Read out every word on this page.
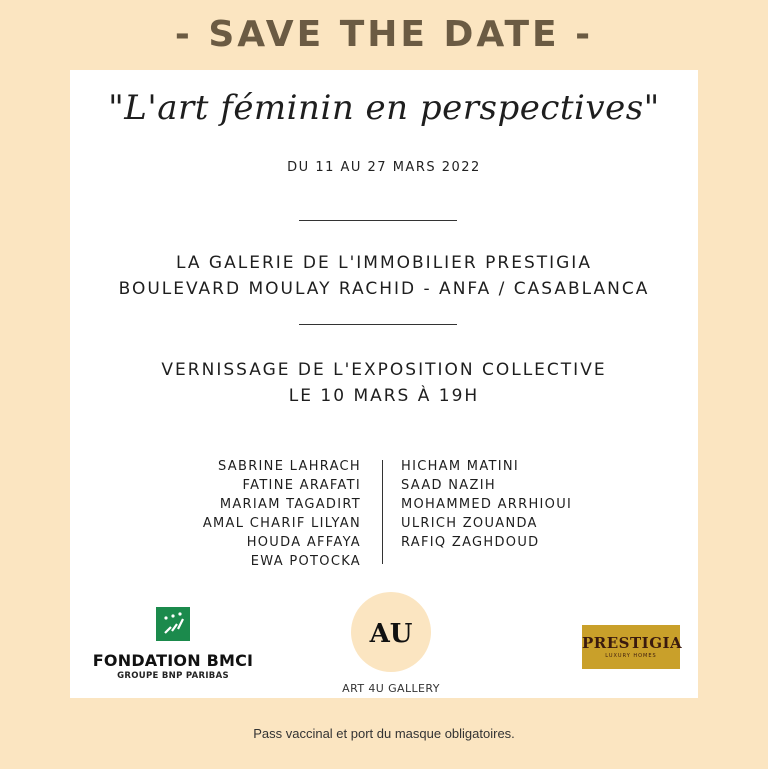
- SAVE THE DATE -
"L'art féminin en perspectives"
DU 11 AU 27 MARS 2022
LA GALERIE DE L'IMMOBILIER PRESTIGIA
BOULEVARD MOULAY RACHID - ANFA / CASABLANCA
VERNISSAGE DE L'EXPOSITION COLLECTIVE
LE 10 MARS À 19H
SABRINE LAHRACH
FATINE ARAFATI
MARIAM TAGADIRT
AMAL CHARIF LILYAN
HOUDA AFFAYA
EWA POTOCKA
HICHAM MATINI
SAAD NAZIH
MOHAMMED ARRHIOUI
ULRICH ZOUANDA
RAFIQ ZAGHDOUD
FONDATION BMCI
GROUPE BNP PARIBAS
AU
ART 4U GALLERY
PRESTIGIA
LUXURY HOMES
Pass vaccinal et port du masque obligatoires.
